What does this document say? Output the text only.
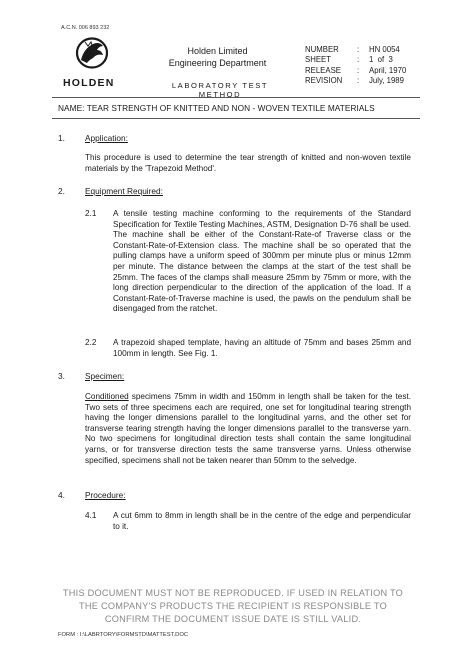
A.C.N. 006 893 232
HOLDEN
Holden Limited
Engineering Department
LABORATORY TEST METHOD
NUMBER	:	HN 0054
SHEET	:	1  of  3
RELEASE	:	April, 1970
REVISION	:	July, 1989
NAME: TEAR STRENGTH OF KNITTED AND NON - WOVEN TEXTILE MATERIALS
1. Application:
This procedure is used to determine the tear strength of knitted and non-woven textile materials by the 'Trapezoid Method'.
2. Equipment Required:
2.1 A tensile testing machine conforming to the requirements of the Standard Specification for Textile Testing Machines, ASTM, Designation D-76 shall be used. The machine shall be either of the Constant-Rate-of Traverse class or the Constant-Rate-of-Extension class. The machine shall be so operated that the pulling clamps have a uniform speed of 300mm per minute plus or minus 12mm per minute. The distance between the clamps at the start of the test shall be 25mm. The faces of the clamps shall measure 25mm by 75mm or more, with the long direction perpendicular to the direction of the application of the load. If a Constant-Rate-of-Traverse machine is used, the pawls on the pendulum shall be disengaged from the ratchet.
2.2 A trapezoid shaped template, having an altitude of 75mm and bases 25mm and 100mm in length. See Fig. 1.
3. Specimen:
Conditioned specimens 75mm in width and 150mm in length shall be taken for the test. Two sets of three specimens each are required, one set for longitudinal tearing strength having the longer dimensions parallel to the longitudinal yarns, and the other set for transverse tearing strength having the longer dimensions parallel to the transverse yarn. No two specimens for longitudinal direction tests shall contain the same longitudinal yarns, or for transverse direction tests the same transverse yarns. Unless otherwise specified, specimens shall not be taken nearer than 50mm to the selvedge.
4. Procedure:
4.1 A cut 6mm to 8mm in length shall be in the centre of the edge and perpendicular to it.
THIS DOCUMENT MUST NOT BE REPRODUCED. IF USED IN RELATION TO
THE COMPANY'S PRODUCTS THE RECIPIENT IS RESPONSIBLE TO
CONFIRM THE DOCUMENT ISSUE DATE IS STILL VALID.
FORM : I:\LABRTORY\FORMSTD\MATTEST.DOC
